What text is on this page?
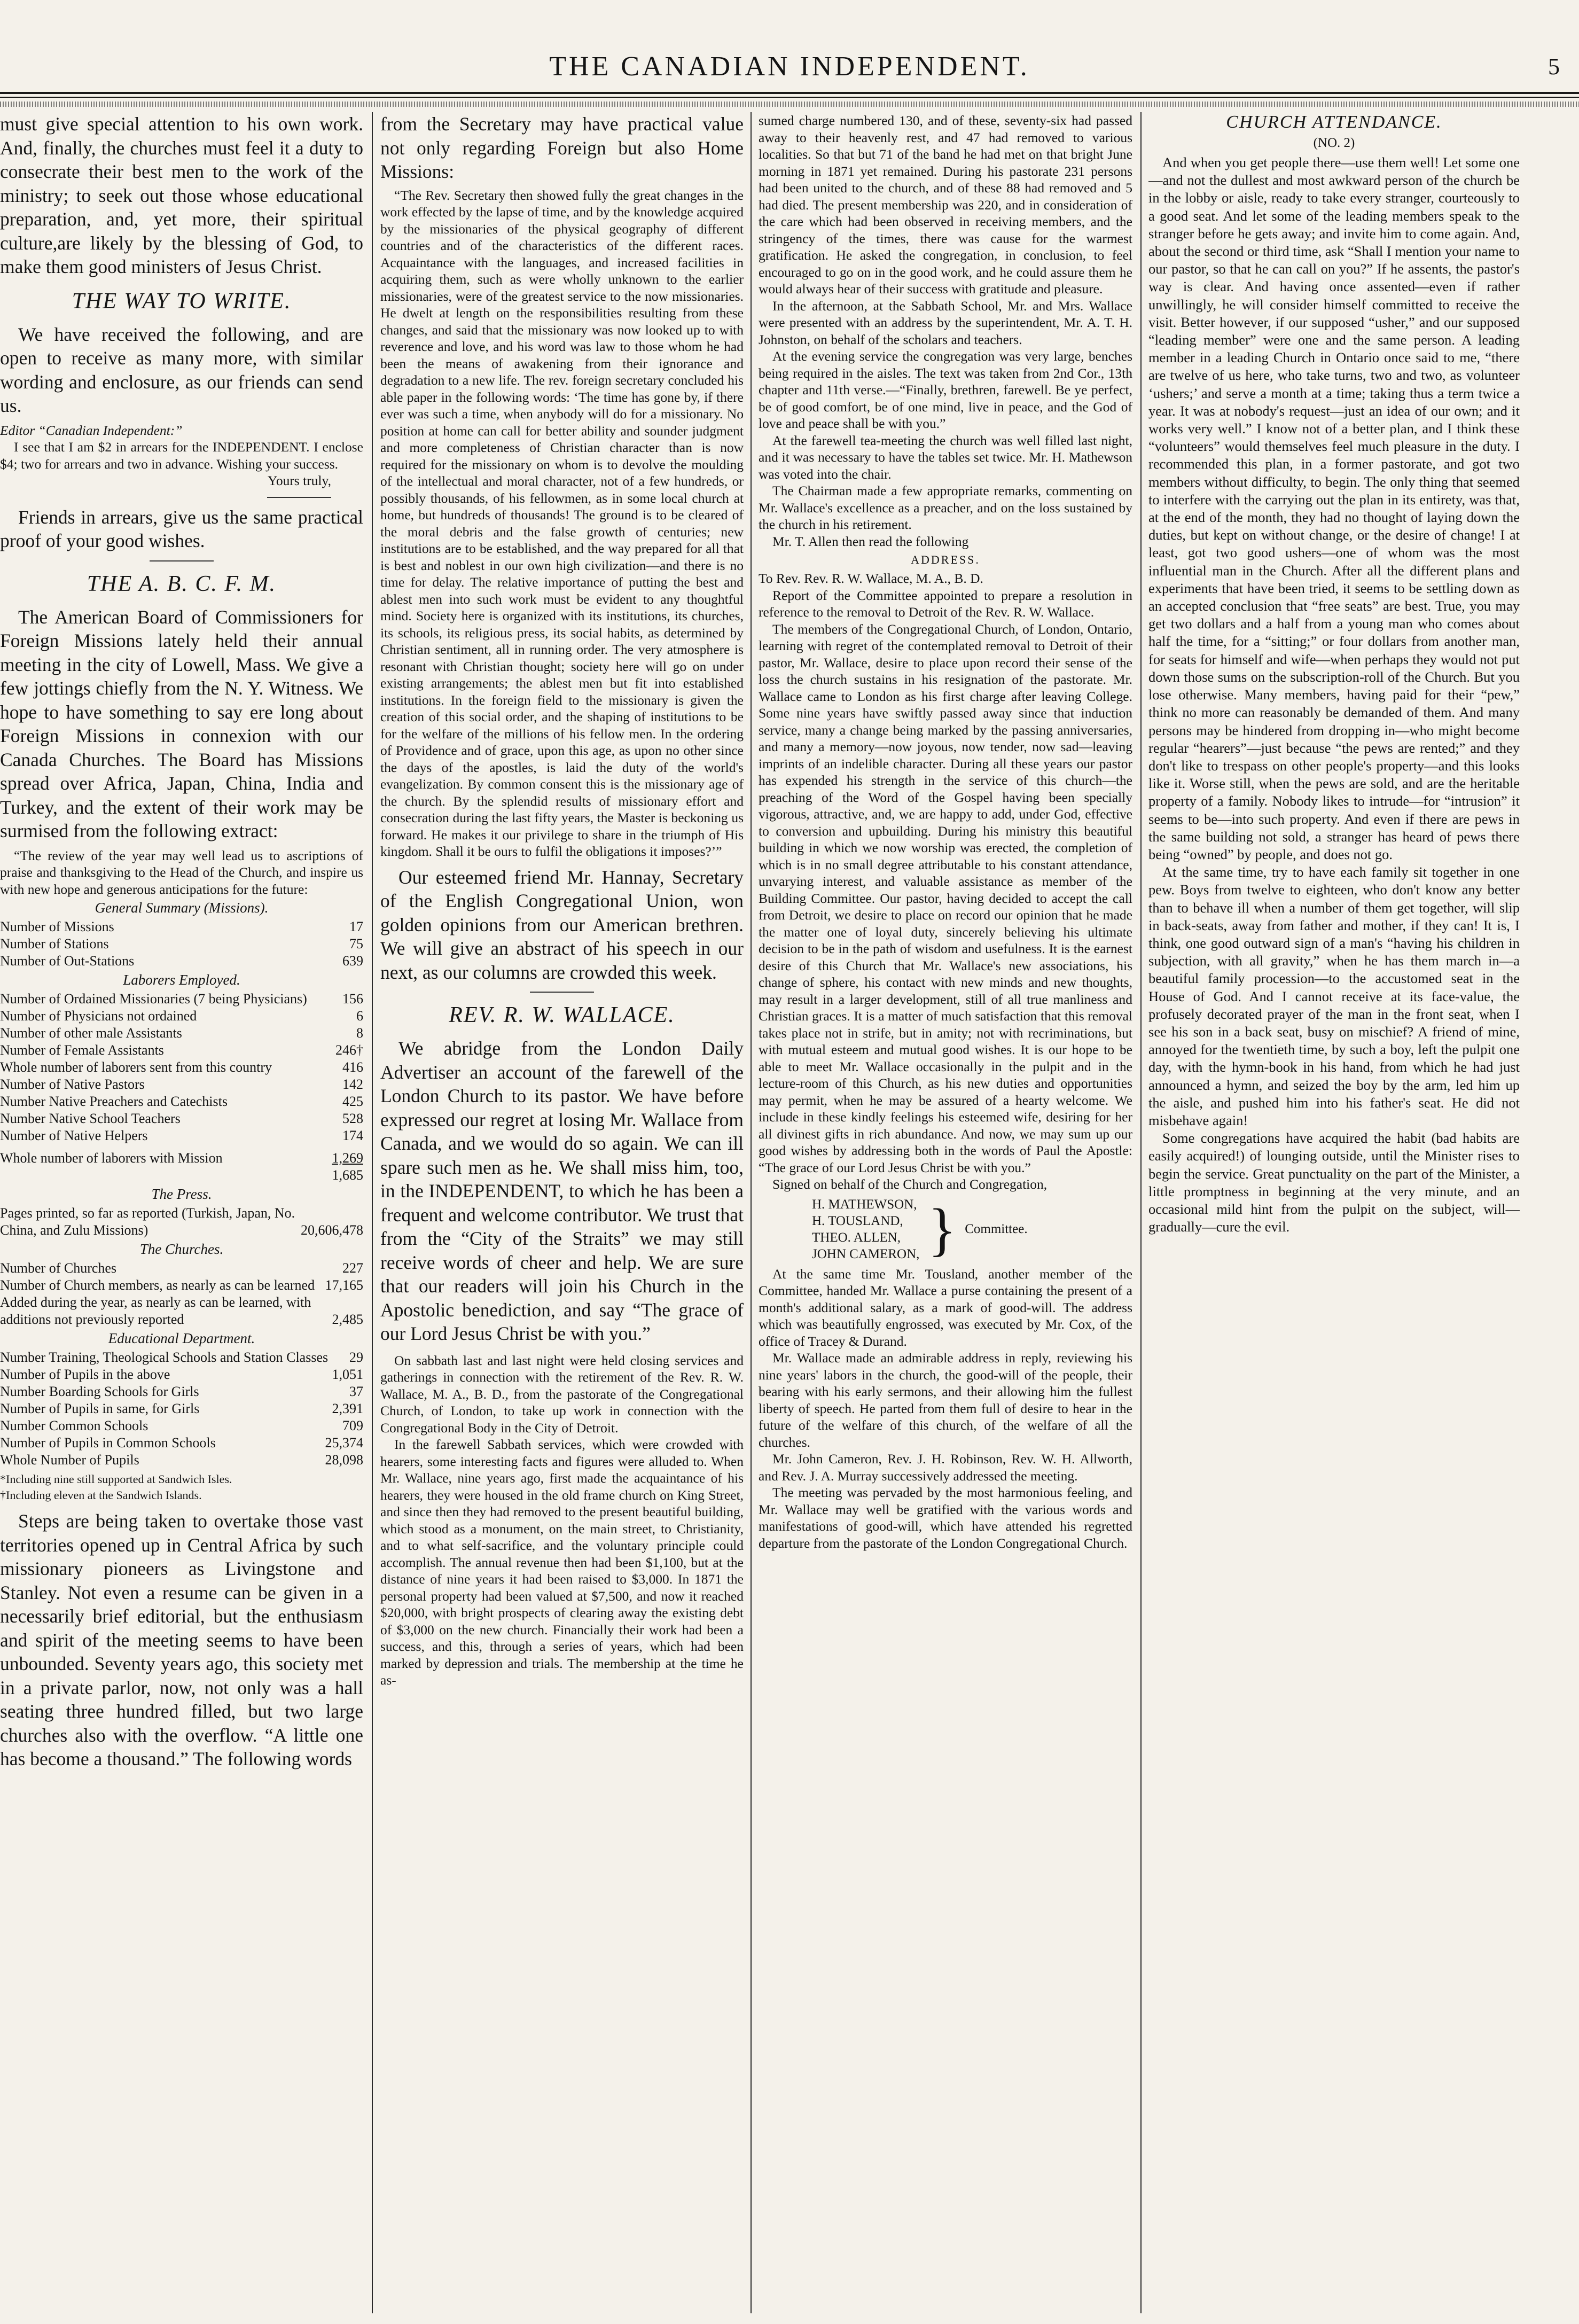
THE CANADIAN INDEPENDENT.	5

must give special attention to his own work. And, finally, the churches must feel it a duty to consecrate their best men to the work of the ministry; to seek out those whose educational preparation, and, yet more, their spiritual culture,are likely by the blessing of God, to make them good ministers of Jesus Christ.

THE WAY TO WRITE.

We have received the following, and are open to receive as many more, with similar wording and enclosure, as our friends can send us.

Editor “Canadian Independent:”

I see that I am $2 in arrears for the INDEPENDENT. I enclose $4; two for arrears and two in advance. Wishing your success.

Yours truly,

Friends in arrears, give us the same practical proof of your good wishes.

THE A. B. C. F. M.

The American Board of Commissioners for Foreign Missions lately held their annual meeting in the city of Lowell, Mass. We give a few jottings chiefly from the N. Y. Witness. We hope to have something to say ere long about Foreign Missions in connexion with our Canada Churches. The Board has Missions spread over Africa, Japan, China, India and Turkey, and the extent of their work may be surmised from the following extract:

“The review of the year may well lead us to ascriptions of praise and thanksgiving to the Head of the Church, and inspire us with new hope and generous anticipations for the future:

General Summary (Missions).
Number of Missions	17
Number of Stations	75
Number of Out-Stations	639
Laborers Employed.
Number of Ordained Missionaries (7 being Physicians)	156
Number of Physicians not ordained	6
Number of other male Assistants	8
Number of Female Assistants	246†
Whole number of laborers sent from this country	416
Number of Native Pastors	142
Number Native Preachers and Catechists	425
Number Native School Teachers	528
Number of Native Helpers	174
Whole number of laborers with Mission	1,269
1,685
The Press.
Pages printed, so far as reported (Turkish, Japan, No. China, and Zulu Missions)	20,606,478
The Churches.
Number of Churches	227
Number of Church members, as nearly as can be learned 17,165
Added during the year, as nearly as can be learned, with additions not previously reported	2,485
Educational Department.
Number Training, Theological Schools and Station Classes	29
Number of Pupils in the above	1,051
Number Boarding Schools for Girls	37
Number of Pupils in same, for Girls	2,391
Number Common Schools	709
Number of Pupils in Common Schools	25,374
Whole Number of Pupils	28,098

*Including nine still supported at Sandwich Isles.

†Including eleven at the Sandwich Islands.

Steps are being taken to overtake those vast territories opened up in Central Africa by such missionary pioneers as Livingstone and Stanley. Not even a resume can be given in a necessarily brief editorial, but the enthusiasm and spirit of the meeting seems to have been unbounded. Seventy years ago, this society met in a private parlor, now, not only was a hall seating three hundred filled, but two large churches also with the overflow. “A little one has become a thousand.” The following words

from the Secretary may have practical value not only regarding Foreign but also Home Missions:

“The Rev. Secretary then showed fully the great changes in the work effected by the lapse of time, and by the knowledge acquired by the missionaries of the physical geography of different countries and of the characteristics of the different races. Acquaintance with the languages, and increased facilities in acquiring them, such as were wholly unknown to the earlier missionaries, were of the greatest service to the now missionaries. He dwelt at length on the responsibilities resulting from these changes, and said that the missionary was now looked up to with reverence and love, and his word was law to those whom he had been the means of awakening from their ignorance and degradation to a new life. The rev. foreign secretary concluded his able paper in the following words: ‘The time has gone by, if there ever was such a time, when anybody will do for a missionary. No position at home can call for better ability and sounder judgment and more completeness of Christian character than is now required for the missionary on whom is to devolve the moulding of the intellectual and moral character, not of a few hundreds, or possibly thousands, of his fellowmen, as in some local church at home, but hundreds of thousands! The ground is to be cleared of the moral debris and the false growth of centuries; new institutions are to be established, and the way prepared for all that is best and noblest in our own high civilization—and there is no time for delay. The relative importance of putting the best and ablest men into such work must be evident to any thoughtful mind. Society here is organized with its institutions, its churches, its schools, its religious press, its social habits, as determined by Christian sentiment, all in running order. The very atmosphere is resonant with Christian thought; society here will go on under existing arrangements; the ablest men but fit into established institutions. In the foreign field to the missionary is given the creation of this social order, and the shaping of institutions to be for the welfare of the millions of his fellow men. In the ordering of Providence and of grace, upon this age, as upon no other since the days of the apostles, is laid the duty of the world's evangelization. By common consent this is the missionary age of the church. By the splendid results of missionary effort and consecration during the last fifty years, the Master is beckoning us forward. He makes it our privilege to share in the triumph of His kingdom. Shall it be ours to fulfil the obligations it imposes?’”

Our esteemed friend Mr. Hannay, Secretary of the English Congregational Union, won golden opinions from our American brethren. We will give an abstract of his speech in our next, as our columns are crowded this week.

REV. R. W. WALLACE.

We abridge from the London Daily Advertiser an account of the farewell of the London Church to its pastor. We have before expressed our regret at losing Mr. Wallace from Canada, and we would do so again. We can ill spare such men as he. We shall miss him, too, in the INDEPENDENT, to which he has been a frequent and welcome contributor. We trust that from the “City of the Straits” we may still receive words of cheer and help. We are sure that our readers will join his Church in the Apostolic benediction, and say “The grace of our Lord Jesus Christ be with you.”

On sabbath last and last night were held closing services and gatherings in connection with the retirement of the Rev. R. W. Wallace, M. A., B. D., from the pastorate of the Congregational Church, of London, to take up work in connection with the Congregational Body in the City of Detroit.

In the farewell Sabbath services, which were crowded with hearers, some interesting facts and figures were alluded to. When Mr. Wallace, nine years ago, first made the acquaintance of his hearers, they were housed in the old frame church on King Street, and since then they had removed to the present beautiful building, which stood as a monument, on the main street, to Christianity, and to what self-sacrifice, and the voluntary principle could accomplish. The annual revenue then had been $1,100, but at the distance of nine years it had been raised to $3,000. In 1871 the personal property had been valued at $7,500, and now it reached $20,000, with bright prospects of clearing away the existing debt of $3,000 on the new church. Financially their work had been a success, and this, through a series of years, which had been marked by depression and trials. The membership at the time he as-

sumed charge numbered 130, and of these, seventy-six had passed away to their heavenly rest, and 47 had removed to various localities. So that but 71 of the band he had met on that bright June morning in 1871 yet remained. During his pastorate 231 persons had been united to the church, and of these 88 had removed and 5 had died. The present membership was 220, and in consideration of the care which had been observed in receiving members, and the stringency of the times, there was cause for the warmest gratification. He asked the congregation, in conclusion, to feel encouraged to go on in the good work, and he could assure them he would always hear of their success with gratitude and pleasure.

In the afternoon, at the Sabbath School, Mr. and Mrs. Wallace were presented with an address by the superintendent, Mr. A. T. H. Johnston, on behalf of the scholars and teachers.

At the evening service the congregation was very large, benches being required in the aisles. The text was taken from 2nd Cor., 13th chapter and 11th verse.—“Finally, brethren, farewell. Be ye perfect, be of good comfort, be of one mind, live in peace, and the God of love and peace shall be with you.”

At the farewell tea-meeting the church was well filled last night, and it was necessary to have the tables set twice. Mr. H. Mathewson was voted into the chair.

The Chairman made a few appropriate remarks, commenting on Mr. Wallace's excellence as a preacher, and on the loss sustained by the church in his retirement.

Mr. T. Allen then read the following

ADDRESS.

To Rev. Rev. R. W. Wallace, M. A., B. D.

Report of the Committee appointed to prepare a resolution in reference to the removal to Detroit of the Rev. R. W. Wallace.

The members of the Congregational Church, of London, Ontario, learning with regret of the contemplated removal to Detroit of their pastor, Mr. Wallace, desire to place upon record their sense of the loss the church sustains in his resignation of the pastorate. Mr. Wallace came to London as his first charge after leaving College. Some nine years have swiftly passed away since that induction service, many a change being marked by the passing anniversaries, and many a memory—now joyous, now tender, now sad—leaving imprints of an indelible character. During all these years our pastor has expended his strength in the service of this church—the preaching of the Word of the Gospel having been specially vigorous, attractive, and, we are happy to add, under God, effective to conversion and upbuilding. During his ministry this beautiful building in which we now worship was erected, the completion of which is in no small degree attributable to his constant attendance, unvarying interest, and valuable assistance as member of the Building Committee. Our pastor, having decided to accept the call from Detroit, we desire to place on record our opinion that he made the matter one of loyal duty, sincerely believing his ultimate decision to be in the path of wisdom and usefulness. It is the earnest desire of this Church that Mr. Wallace's new associations, his change of sphere, his contact with new minds and new thoughts, may result in a larger development, still of all true manliness and Christian graces. It is a matter of much satisfaction that this removal takes place not in strife, but in amity; not with recriminations, but with mutual esteem and mutual good wishes. It is our hope to be able to meet Mr. Wallace occasionally in the pulpit and in the lecture-room of this Church, as his new duties and opportunities may permit, when he may be assured of a hearty welcome. We include in these kindly feelings his esteemed wife, desiring for her all divinest gifts in rich abundance. And now, we may sum up our good wishes by addressing both in the words of Paul the Apostle: “The grace of our Lord Jesus Christ be with you.”

Signed on behalf of the Church and Congregation,

H. MATHEWSON,
H. TOUSLAND,
THEO. ALLEN,
JOHN CAMERON, } Committee.

At the same time Mr. Tousland, another member of the Committee, handed Mr. Wallace a purse containing the present of a month's additional salary, as a mark of good-will. The address which was beautifully engrossed, was executed by Mr. Cox, of the office of Tracey & Durand.

Mr. Wallace made an admirable address in reply, reviewing his nine years' labors in the church, the good-will of the people, their bearing with his early sermons, and their allowing him the fullest liberty of speech. He parted from them full of desire to hear in the future of the welfare of this church, of the welfare of all the churches.

Mr. John Cameron, Rev. J. H. Robinson, Rev. W. H. Allworth, and Rev. J. A. Murray successively addressed the meeting.

The meeting was pervaded by the most harmonious feeling, and Mr. Wallace may well be gratified with the various words and manifestations of good-will, which have attended his regretted departure from the pastorate of the London Congregational Church.

CHURCH ATTENDANCE.
(NO. 2)

And when you get people there—use them well! Let some one—and not the dullest and most awkward person of the church be in the lobby or aisle, ready to take every stranger, courteously to a good seat. And let some of the leading members speak to the stranger before he gets away; and invite him to come again. And, about the second or third time, ask “Shall I mention your name to our pastor, so that he can call on you?” If he assents, the pastor's way is clear. And having once assented—even if rather unwillingly, he will consider himself committed to receive the visit. Better however, if our supposed “usher,” and our supposed “leading member” were one and the same person. A leading member in a leading Church in Ontario once said to me, “there are twelve of us here, who take turns, two and two, as volunteer ‘ushers;’ and serve a month at a time; taking thus a term twice a year. It was at nobody's request—just an idea of our own; and it works very well.” I know not of a better plan, and I think these “volunteers” would themselves feel much pleasure in the duty. I recommended this plan, in a former pastorate, and got two members without difficulty, to begin. The only thing that seemed to interfere with the carrying out the plan in its entirety, was that, at the end of the month, they had no thought of laying down the duties, but kept on without change, or the desire of change! I at least, got two good ushers—one of whom was the most influential man in the Church. After all the different plans and experiments that have been tried, it seems to be settling down as an accepted conclusion that “free seats” are best. True, you may get two dollars and a half from a young man who comes about half the time, for a “sitting;” or four dollars from another man, for seats for himself and wife—when perhaps they would not put down those sums on the subscription-roll of the Church. But you lose otherwise. Many members, having paid for their “pew,” think no more can reasonably be demanded of them. And many persons may be hindered from dropping in—who might become regular “hearers”—just because “the pews are rented;” and they don't like to trespass on other people's property—and this looks like it. Worse still, when the pews are sold, and are the heritable property of a family. Nobody likes to intrude—for “intrusion” it seems to be—into such property. And even if there are pews in the same building not sold, a stranger has heard of pews there being “owned” by people, and does not go.

At the same time, try to have each family sit together in one pew. Boys from twelve to eighteen, who don't know any better than to behave ill when a number of them get together, will slip in back-seats, away from father and mother, if they can! It is, I think, one good outward sign of a man's “having his children in subjection, with all gravity,” when he has them march in—a beautiful family procession—to the accustomed seat in the House of God. And I cannot receive at its face-value, the profusely decorated prayer of the man in the front seat, when I see his son in a back seat, busy on mischief? A friend of mine, annoyed for the twentieth time, by such a boy, left the pulpit one day, with the hymn-book in his hand, from which he had just announced a hymn, and seized the boy by the arm, led him up the aisle, and pushed him into his father's seat. He did not misbehave again!

Some congregations have acquired the habit (bad habits are easily acquired!) of lounging outside, until the Minister rises to begin the service. Great punctuality on the part of the Minister, a little promptness in beginning at the very minute, and an occasional mild hint from the pulpit on the subject, will—gradually—cure the evil.
